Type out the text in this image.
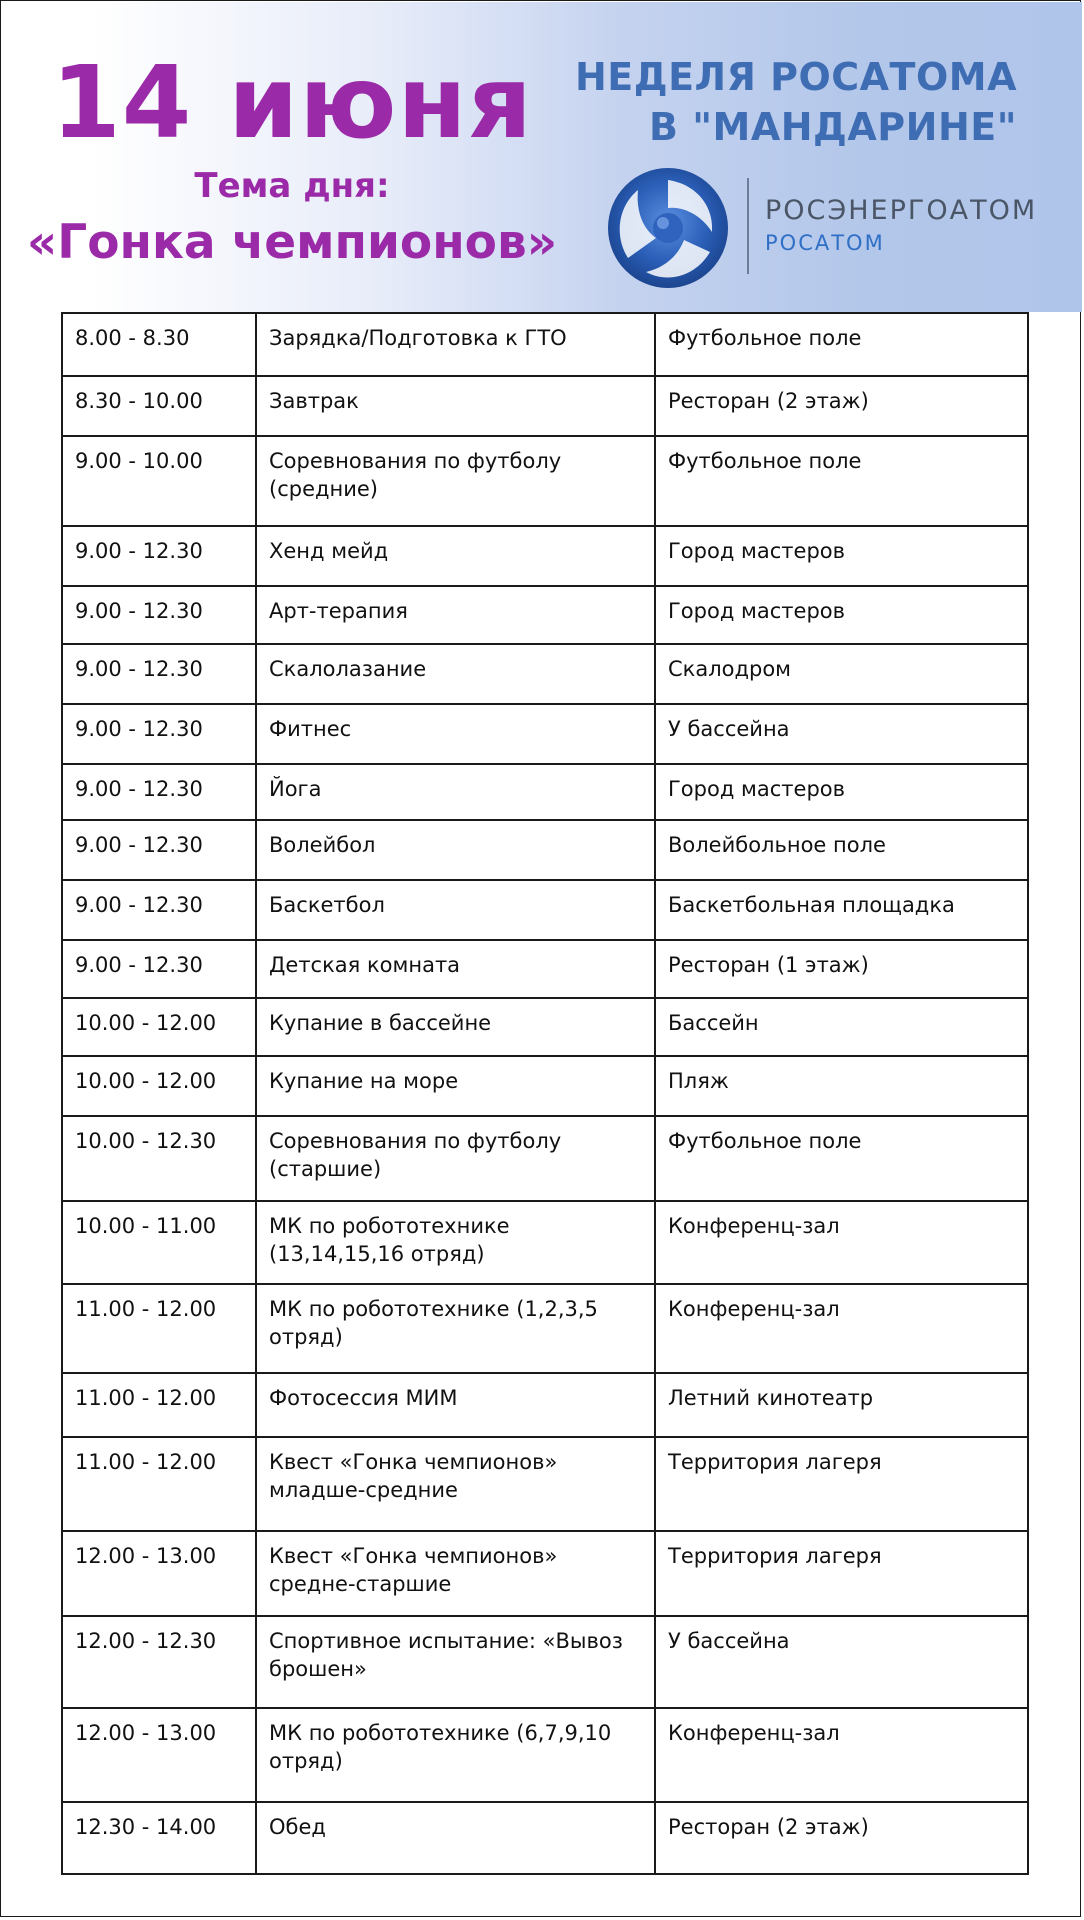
14 июня
Тема дня:
«Гонка чемпионов»
НЕДЕЛЯ РОСАТОМА
В "МАНДАРИНЕ"
РОСЭНЕРГОАТОМ
РОСАТОМ
8.00 - 8.30	Зарядка/Подготовка к ГТО	Футбольное поле
8.30 - 10.00	Завтрак	Ресторан (2 этаж)
9.00 - 10.00	Соревнования по футболу (средние)	Футбольное поле
9.00 - 12.30	Хенд мейд	Город мастеров
9.00 - 12.30	Арт-терапия	Город мастеров
9.00 - 12.30	Скалолазание	Скалодром
9.00 - 12.30	Фитнес	У бассейна
9.00 - 12.30	Йога	Город мастеров
9.00 - 12.30	Волейбол	Волейбольное поле
9.00 - 12.30	Баскетбол	Баскетбольная площадка
9.00 - 12.30	Детская комната	Ресторан (1 этаж)
10.00 - 12.00	Купание в бассейне	Бассейн
10.00 - 12.00	Купание на море	Пляж
10.00 - 12.30	Соревнования по футболу (старшие)	Футбольное поле
10.00 - 11.00	МК по робототехнике (13,14,15,16 отряд)	Конференц-зал
11.00 - 12.00	МК по робототехнике (1,2,3,5 отряд)	Конференц-зал
11.00 - 12.00	Фотосессия МИМ	Летний кинотеатр
11.00 - 12.00	Квест «Гонка чемпионов» младше-средние	Территория лагеря
12.00 - 13.00	Квест «Гонка чемпионов» средне-старшие	Территория лагеря
12.00 - 12.30	Спортивное испытание: «Вывоз брошен»	У бассейна
12.00 - 13.00	МК по робототехнике (6,7,9,10 отряд)	Конференц-зал
12.30 - 14.00	Обед	Ресторан (2 этаж)
